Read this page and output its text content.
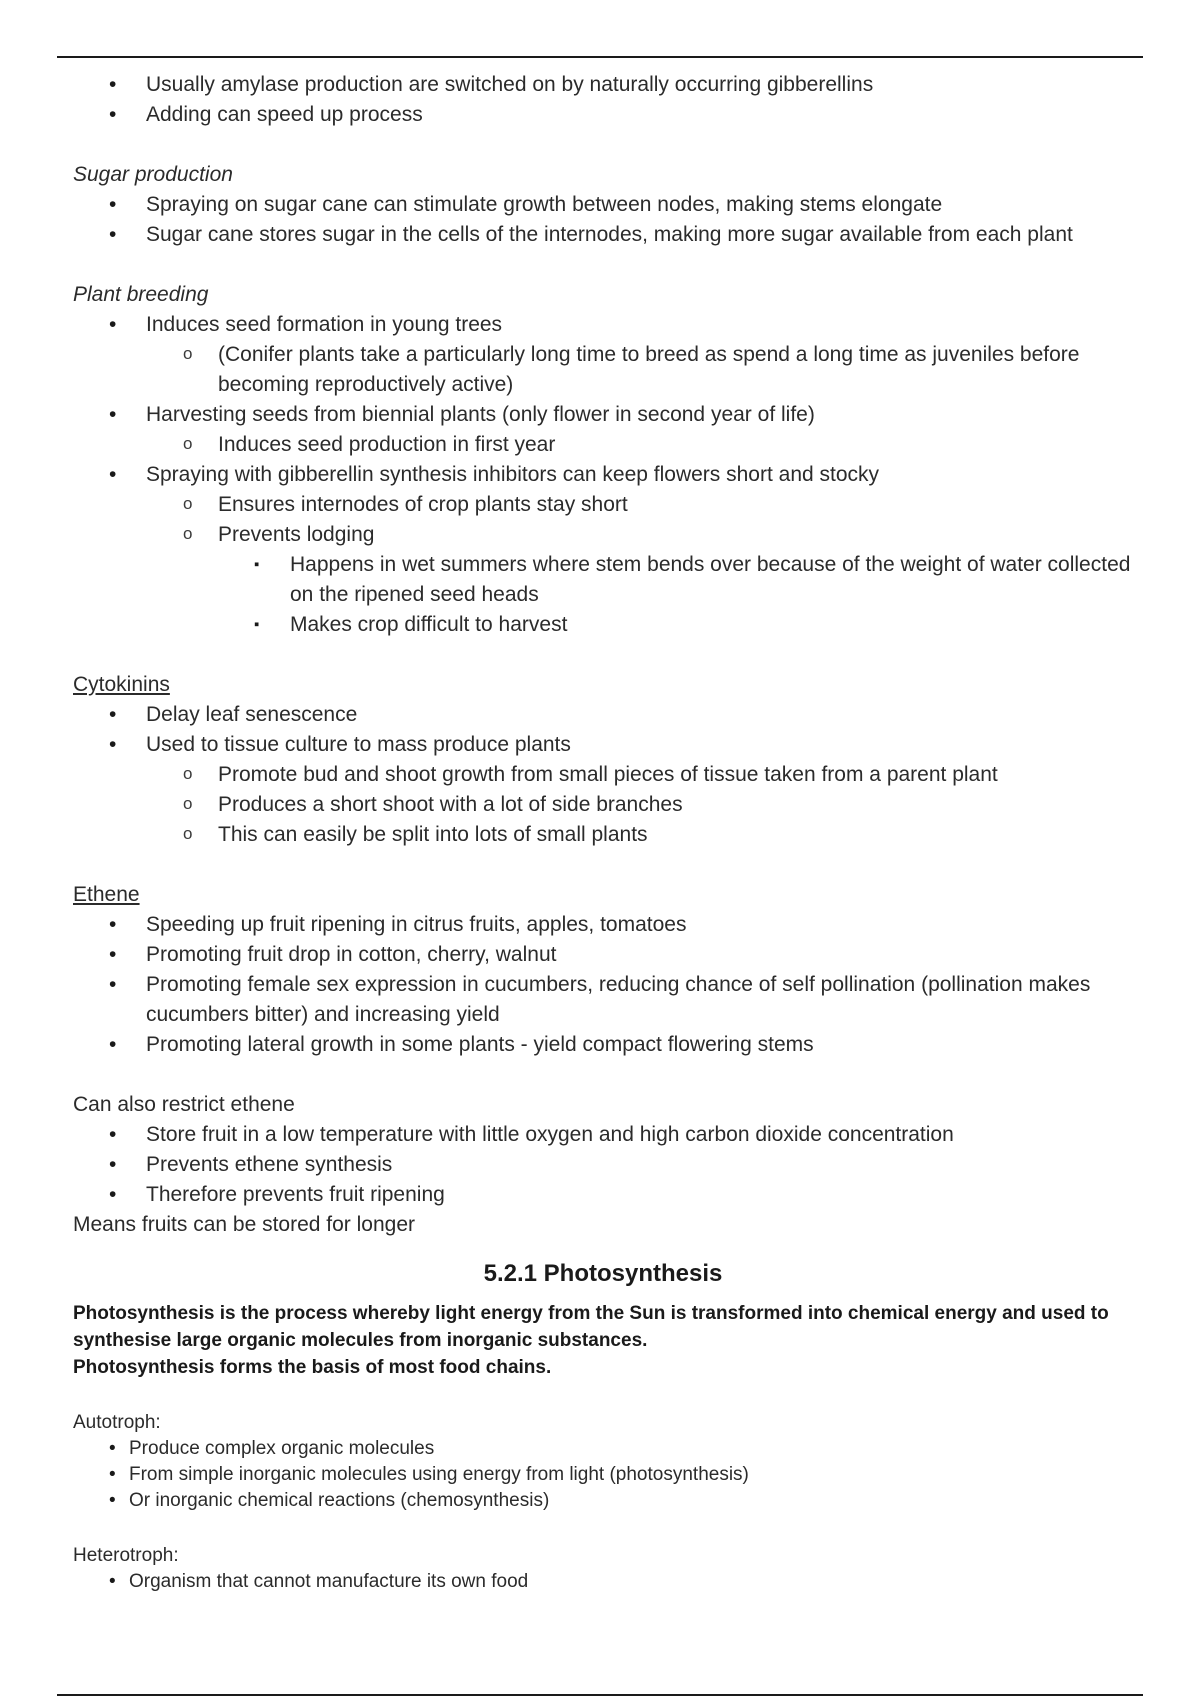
• Usually amylase production are switched on by naturally occurring gibberellins
• Adding can speed up process
Sugar production
• Spraying on sugar cane can stimulate growth between nodes, making stems elongate
• Sugar cane stores sugar in the cells of the internodes, making more sugar available from each plant
Plant breeding
• Induces seed formation in young trees
o (Conifer plants take a particularly long time to breed as spend a long time as juveniles before becoming reproductively active)
• Harvesting seeds from biennial plants (only flower in second year of life)
o Induces seed production in first year
• Spraying with gibberellin synthesis inhibitors can keep flowers short and stocky
o Ensures internodes of crop plants stay short
o Prevents lodging
▪ Happens in wet summers where stem bends over because of the weight of water collected on the ripened seed heads
▪ Makes crop difficult to harvest
Cytokinins
• Delay leaf senescence
• Used to tissue culture to mass produce plants
o Promote bud and shoot growth from small pieces of tissue taken from a parent plant
o Produces a short shoot with a lot of side branches
o This can easily be split into lots of small plants
Ethene
• Speeding up fruit ripening in citrus fruits, apples, tomatoes
• Promoting fruit drop in cotton, cherry, walnut
• Promoting female sex expression in cucumbers, reducing chance of self pollination (pollination makes cucumbers bitter) and increasing yield
• Promoting lateral growth in some plants - yield compact flowering stems
Can also restrict ethene
• Store fruit in a low temperature with little oxygen and high carbon dioxide concentration
• Prevents ethene synthesis
• Therefore prevents fruit ripening
Means fruits can be stored for longer
5.2.1 Photosynthesis
Photosynthesis is the process whereby light energy from the Sun is transformed into chemical energy and used to synthesise large organic molecules from inorganic substances.
Photosynthesis forms the basis of most food chains.
Autotroph:
• Produce complex organic molecules
• From simple inorganic molecules using energy from light (photosynthesis)
• Or inorganic chemical reactions (chemosynthesis)
Heterotroph:
• Organism that cannot manufacture its own food
